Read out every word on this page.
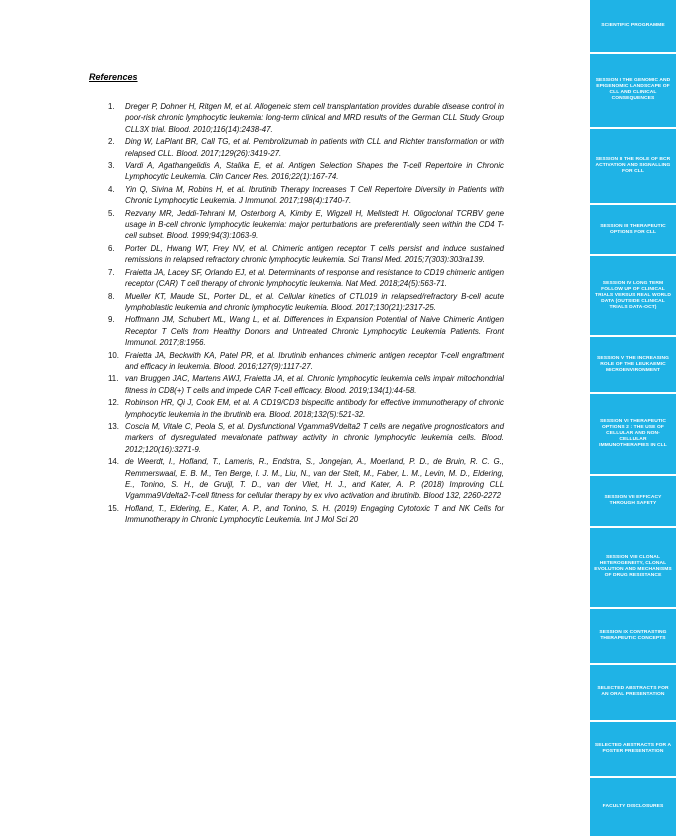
References
1. Dreger P, Dohner H, Ritgen M, et al. Allogeneic stem cell transplantation provides durable disease control in poor-risk chronic lymphocytic leukemia: long-term clinical and MRD results of the German CLL Study Group CLL3X trial. Blood. 2010;116(14):2438-47.
2. Ding W, LaPlant BR, Call TG, et al. Pembrolizumab in patients with CLL and Richter transformation or with relapsed CLL. Blood. 2017;129(26):3419-27.
3. Vardi A, Agathangelidis A, Stalika E, et al. Antigen Selection Shapes the T-cell Repertoire in Chronic Lymphocytic Leukemia. Clin Cancer Res. 2016;22(1):167-74.
4. Yin Q, Sivina M, Robins H, et al. Ibrutinib Therapy Increases T Cell Repertoire Diversity in Patients with Chronic Lymphocytic Leukemia. J Immunol. 2017;198(4):1740-7.
5. Rezvany MR, Jeddi-Tehrani M, Osterborg A, Kimby E, Wigzell H, Mellstedt H. Oligoclonal TCRBV gene usage in B-cell chronic lymphocytic leukemia: major perturbations are preferentially seen within the CD4 T-cell subset. Blood. 1999;94(3):1063-9.
6. Porter DL, Hwang WT, Frey NV, et al. Chimeric antigen receptor T cells persist and induce sustained remissions in relapsed refractory chronic lymphocytic leukemia. Sci Transl Med. 2015;7(303):303ra139.
7. Fraietta JA, Lacey SF, Orlando EJ, et al. Determinants of response and resistance to CD19 chimeric antigen receptor (CAR) T cell therapy of chronic lymphocytic leukemia. Nat Med. 2018;24(5):563-71.
8. Mueller KT, Maude SL, Porter DL, et al. Cellular kinetics of CTL019 in relapsed/refractory B-cell acute lymphoblastic leukemia and chronic lymphocytic leukemia. Blood. 2017;130(21):2317-25.
9. Hoffmann JM, Schubert ML, Wang L, et al. Differences in Expansion Potential of Naive Chimeric Antigen Receptor T Cells from Healthy Donors and Untreated Chronic Lymphocytic Leukemia Patients. Front Immunol. 2017;8:1956.
10. Fraietta JA, Beckwith KA, Patel PR, et al. Ibrutinib enhances chimeric antigen receptor T-cell engraftment and efficacy in leukemia. Blood. 2016;127(9):1117-27.
11. van Bruggen JAC, Martens AWJ, Fraietta JA, et al. Chronic lymphocytic leukemia cells impair mitochondrial fitness in CD8(+) T cells and impede CAR T-cell efficacy. Blood. 2019;134(1):44-58.
12. Robinson HR, Qi J, Cook EM, et al. A CD19/CD3 bispecific antibody for effective immunotherapy of chronic lymphocytic leukemia in the ibrutinib era. Blood. 2018;132(5):521-32.
13. Coscia M, Vitale C, Peola S, et al. Dysfunctional Vgamma9Vdelta2 T cells are negative prognosticators and markers of dysregulated mevalonate pathway activity in chronic lymphocytic leukemia cells. Blood. 2012;120(16):3271-9.
14. de Weerdt, I., Hofland, T., Lameris, R., Endstra, S., Jongejan, A., Moerland, P. D., de Bruin, R. C. G., Remmerswaal, E. B. M., Ten Berge, I. J. M., Liu, N., van der Stelt, M., Faber, L. M., Levin, M. D., Eldering, E., Tonino, S. H., de Gruijl, T. D., van der Vliet, H. J., and Kater, A. P. (2018) Improving CLL Vgamma9Vdelta2-T-cell fitness for cellular therapy by ex vivo activation and ibrutinib. Blood 132, 2260-2272
15. Hofland, T., Eldering, E., Kater, A. P., and Tonino, S. H. (2019) Engaging Cytotoxic T and NK Cells for Immunotherapy in Chronic Lymphocytic Leukemia. Int J Mol Sci 20
SCIENTIFIC PROGRAMME
SESSION I THE GENOMIC AND EPIGENOMIC LANDSCAPE OF CLL AND CLINICAL CONSEQUENCES
SESSION II THE ROLE OF BCR ACTIVATION AND SIGNALLING FOR CLL
SESSION III THERAPEUTIC OPTIONS FOR CLL
SESSION IV LONG TERM FOLLOW UP OF CLINICAL TRIALS VERSUS REAL WORLD DATA (OUTSIDE CLINICAL TRIALS DATA-OCT)
SESSION V THE INCREASING ROLE OF THE LEUKAEMIC MICROENVIRONMENT
SESSION VI THERAPEUTIC OPTIONS 2 : THE USE OF CELLULAR AND NON-CELLULAR IMMUNOTHERAPIES IN CLL
SESSION VII EFFICACY THROUGH SAFETY
SESSION VIII CLONAL HETEROGENEITY, CLONAL EVOLUTION AND MECHANISMS OF DRUG RESISTANCE
SESSION IX CONTRASTING THERAPEUTIC CONCEPTS
SELECTED ABSTRACTS FOR AN ORAL PRESENTATION
SELECTED ABSTRACTS FOR A POSTER PRESENTATION
FACULTY DISCLOSURES
